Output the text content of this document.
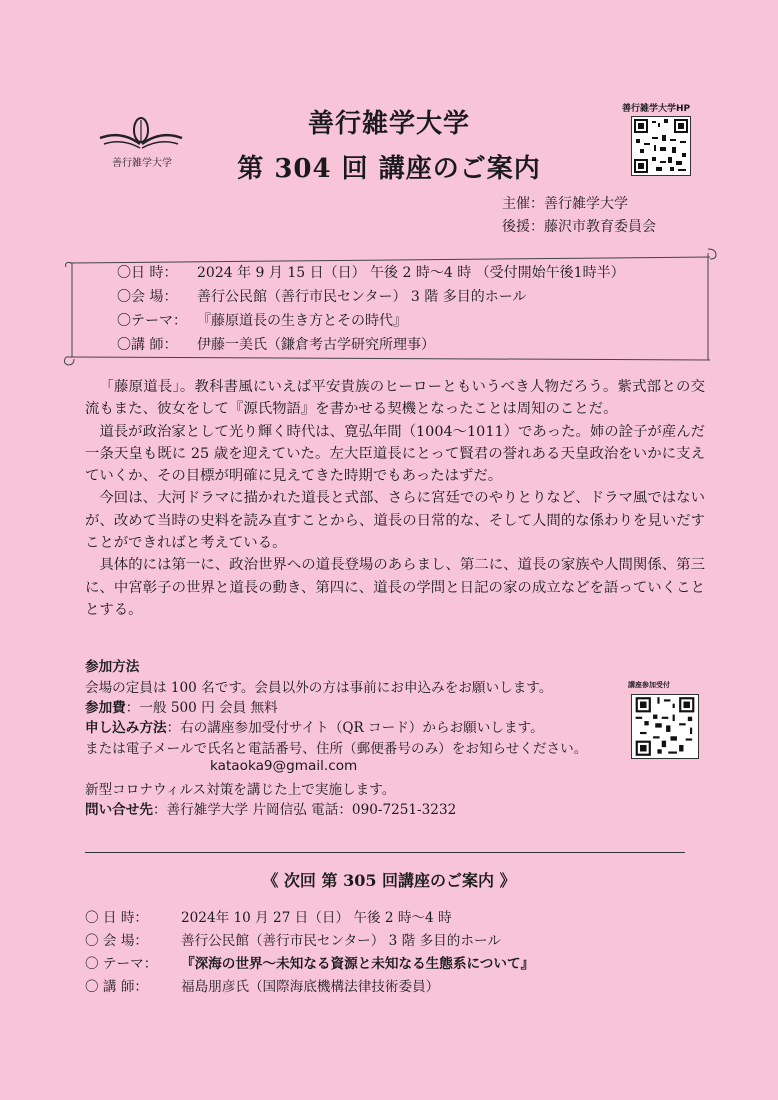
善行雑学大学
善行雑学大学
第 304 回 講座のご案内
善行雑学大学HP
主催：善行雑学大学
後援：藤沢市教育委員会
〇日 時： 2024 年 9 月 15 日（日） 午後 2 時～4 時 （受付開始午後1時半）
〇会 場： 善行公民館（善行市民センター） 3 階 多目的ホール
〇テーマ： 『藤原道長の生き方とその時代』
〇講 師： 伊藤一美氏（鎌倉考古学研究所理事）

「藤原道長」。教科書風にいえば平安貴族のヒーローともいうべき人物だろう。紫式部との交流もまた、彼女をして『源氏物語』を書かせる契機となったことは周知のことだ。

道長が政治家として光り輝く時代は、寛弘年間（1004～1011）であった。姉の詮子が産んだ一条天皇も既に 25 歳を迎えていた。左大臣道長にとって賢君の誉れある天皇政治をいかに支えていくか、その目標が明確に見えてきた時期でもあったはずだ。

今回は、大河ドラマに描かれた道長と式部、さらに宮廷でのやりとりなど、ドラマ風ではないが、改めて当時の史料を読み直すことから、道長の日常的な、そして人間的な係わりを見いだすことができればと考えている。

具体的には第一に、政治世界への道長登場のあらまし、第二に、道長の家族や人間関係、第三に、中宮彰子の世界と道長の動き、第四に、道長の学問と日記の家の成立などを語っていくこととする。

参加方法
会場の定員は 100 名です。会員以外の方は事前にお申込みをお願いします。
参加費：一般 500 円 会員 無料
申し込み方法：右の講座参加受付サイト（QR コード）からお願いします。
または電子メールで氏名と電話番号、住所（郵便番号のみ）をお知らせください。
kataoka9@gmail.com
新型コロナウィルス対策を講じた上で実施します。
問い合せ先：善行雑学大学 片岡信弘 電話：090-7251-3232
講座参加受付
《 次回 第 305 回講座のご案内 》
〇 日 時： 2024年 10 月 27 日（日） 午後 2 時～4 時
〇 会 場： 善行公民館（善行市民センター） 3 階 多目的ホール
〇 テーマ： 『深海の世界～未知なる資源と未知なる生態系について』
〇 講 師： 福島朋彦氏（国際海底機構法律技術委員）
